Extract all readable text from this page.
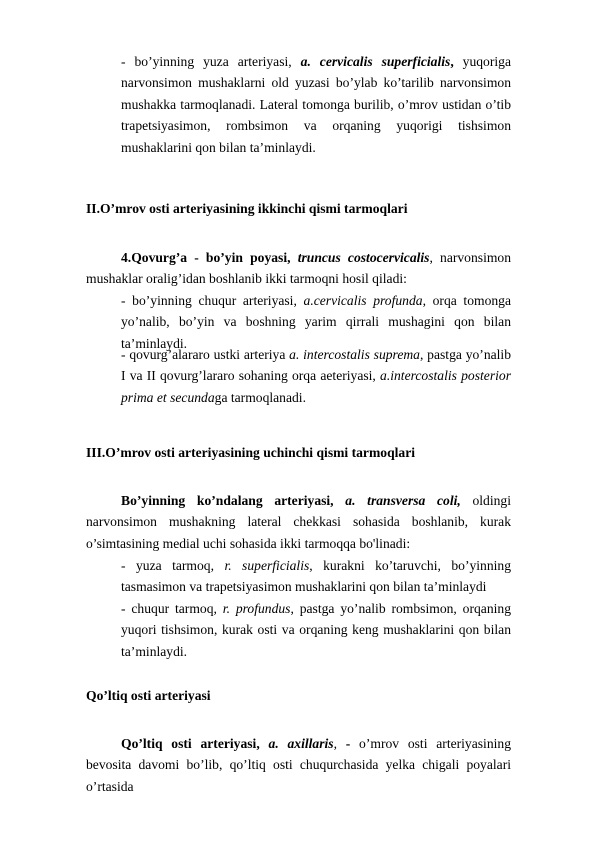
- bo’yinning yuza arteriyasi, a. cervicalis superficialis, yuqoriga narvonsimon mushaklarni old yuzasi bo’ylab ko’tarilib narvonsimon mushakka tarmoqlanadi. Lateral tomonga burilib, o’mrov ustidan o’tib trapetsiyasimon, rombsimon va orqaning yuqorigi tishsimon mushaklarini qon bilan ta’minlaydi.

II.O’mrov osti arteriyasining ikkinchi qismi tarmoqlari

4.Qovurg’a - bo’yin poyasi, truncus costocervicalis, narvonsimon mushaklar oralig’idan boshlanib ikki tarmoqni hosil qiladi:

- bo’yinning chuqur arteriyasi, a.cervicalis profunda, orqa tomonga yo’nalib, bo’yin va boshning yarim qirrali mushagini qon bilan ta’minlaydi.

- qovurg’alararo ustki arteriya a. intercostalis suprema, pastga yo’nalib I va II qovurg’lararo sohaning orqa aeteriyasi, a.intercostalis posterior prima et secundaga tarmoqlanadi.

III.O’mrov osti arteriyasining uchinchi qismi tarmoqlari

Bo’yinning ko’ndalang arteriyasi, a. transversa coli, oldingi narvonsimon mushakning lateral chekkasi sohasida boshlanib, kurak o’simtasining medial uchi sohasida ikki tarmoqqa bo'linadi:

- yuza tarmoq, r. superficialis, kurakni ko’taruvchi, bo’yinning tasmasimon va trapetsiyasimon mushaklarini qon bilan ta’minlaydi

- chuqur tarmoq, r. profundus, pastga yo’nalib rombsimon, orqaning yuqori tishsimon, kurak osti va orqaning keng mushaklarini qon bilan ta’minlaydi.

Qo’ltiq osti arteriyasi

Qo’ltiq osti arteriyasi, a. axillaris, - o’mrov osti arteriyasining bevosita davomi bo’lib, qo’ltiq osti chuqurchasida yelka chigali poyalari o’rtasida
